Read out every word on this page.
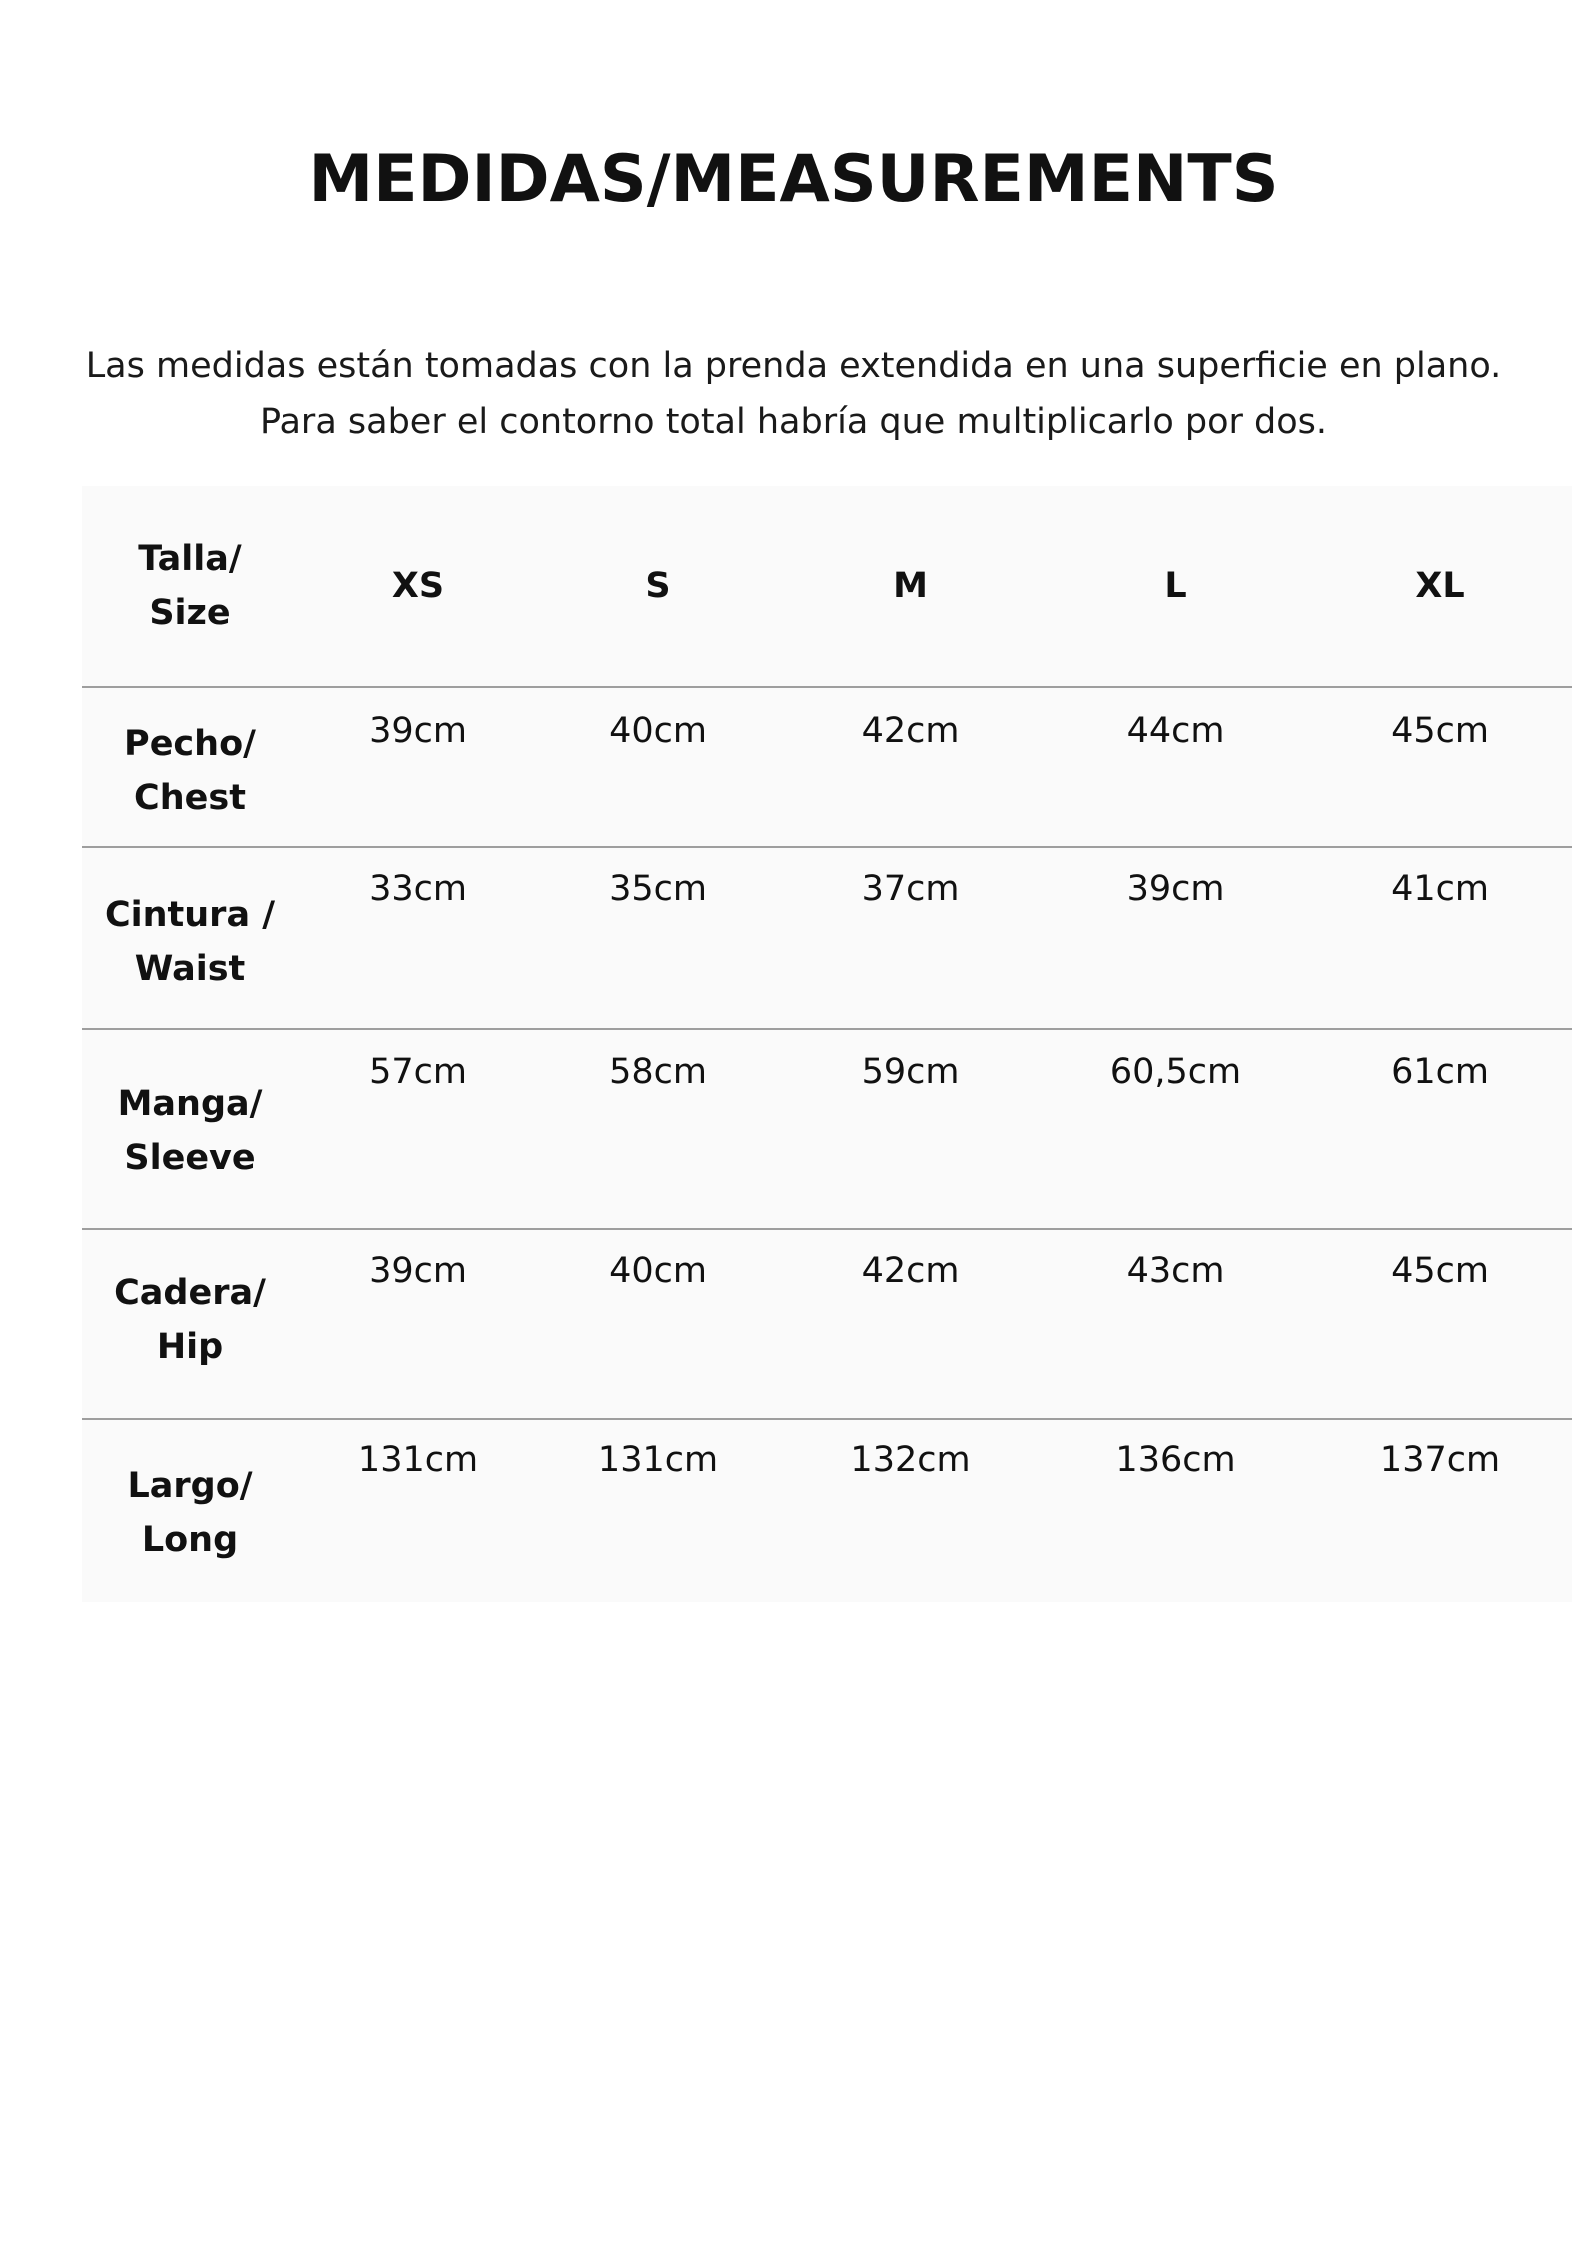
MEDIDAS/MEASUREMENTS
Las medidas están tomadas con la prenda extendida en una superficie en plano.
Para saber el contorno total habría que multiplicarlo por dos.
Talla/
Size
XS	S	M	L	XL
Pecho/
Chest
39cm	40cm	42cm	44cm	45cm
Cintura /
Waist
33cm	35cm	37cm	39cm	41cm
Manga/
Sleeve
57cm	58cm	59cm	60,5cm	61cm
Cadera/
Hip
39cm	40cm	42cm	43cm	45cm
Largo/
Long
131cm	131cm	132cm	136cm	137cm
